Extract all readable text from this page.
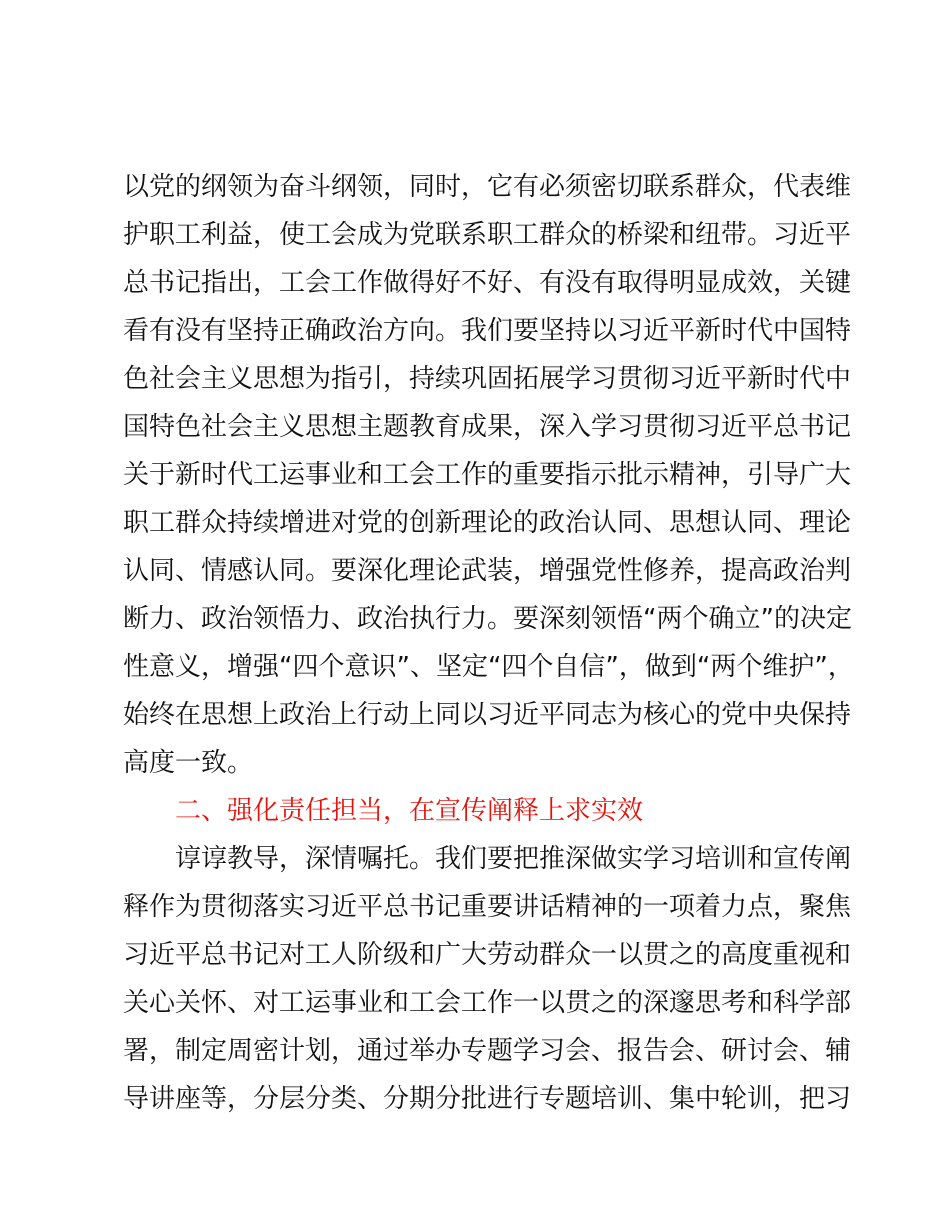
以党的纲领为奋斗纲领，同时，它有必须密切联系群众，代表维
护职工利益，使工会成为党联系职工群众的桥梁和纽带。习近平
总书记指出，工会工作做得好不好、有没有取得明显成效，关键
看有没有坚持正确政治方向。我们要坚持以习近平新时代中国特
色社会主义思想为指引，持续巩固拓展学习贯彻习近平新时代中
国特色社会主义思想主题教育成果，深入学习贯彻习近平总书记
关于新时代工运事业和工会工作的重要指示批示精神，引导广大
职工群众持续增进对党的创新理论的政治认同、思想认同、理论
认同、情感认同。要深化理论武装，增强党性修养，提高政治判
断力、政治领悟力、政治执行力。要深刻领悟“两个确立”的决定
性意义，增强“四个意识”、坚定“四个自信”，做到“两个维护”，
始终在思想上政治上行动上同以习近平同志为核心的党中央保持
高度一致。
二、强化责任担当，在宣传阐释上求实效
谆谆教导，深情嘱托。我们要把推深做实学习培训和宣传阐
释作为贯彻落实习近平总书记重要讲话精神的一项着力点，聚焦
习近平总书记对工人阶级和广大劳动群众一以贯之的高度重视和
关心关怀、对工运事业和工会工作一以贯之的深邃思考和科学部
署，制定周密计划，通过举办专题学习会、报告会、研讨会、辅
导讲座等，分层分类、分期分批进行专题培训、集中轮训，把习
